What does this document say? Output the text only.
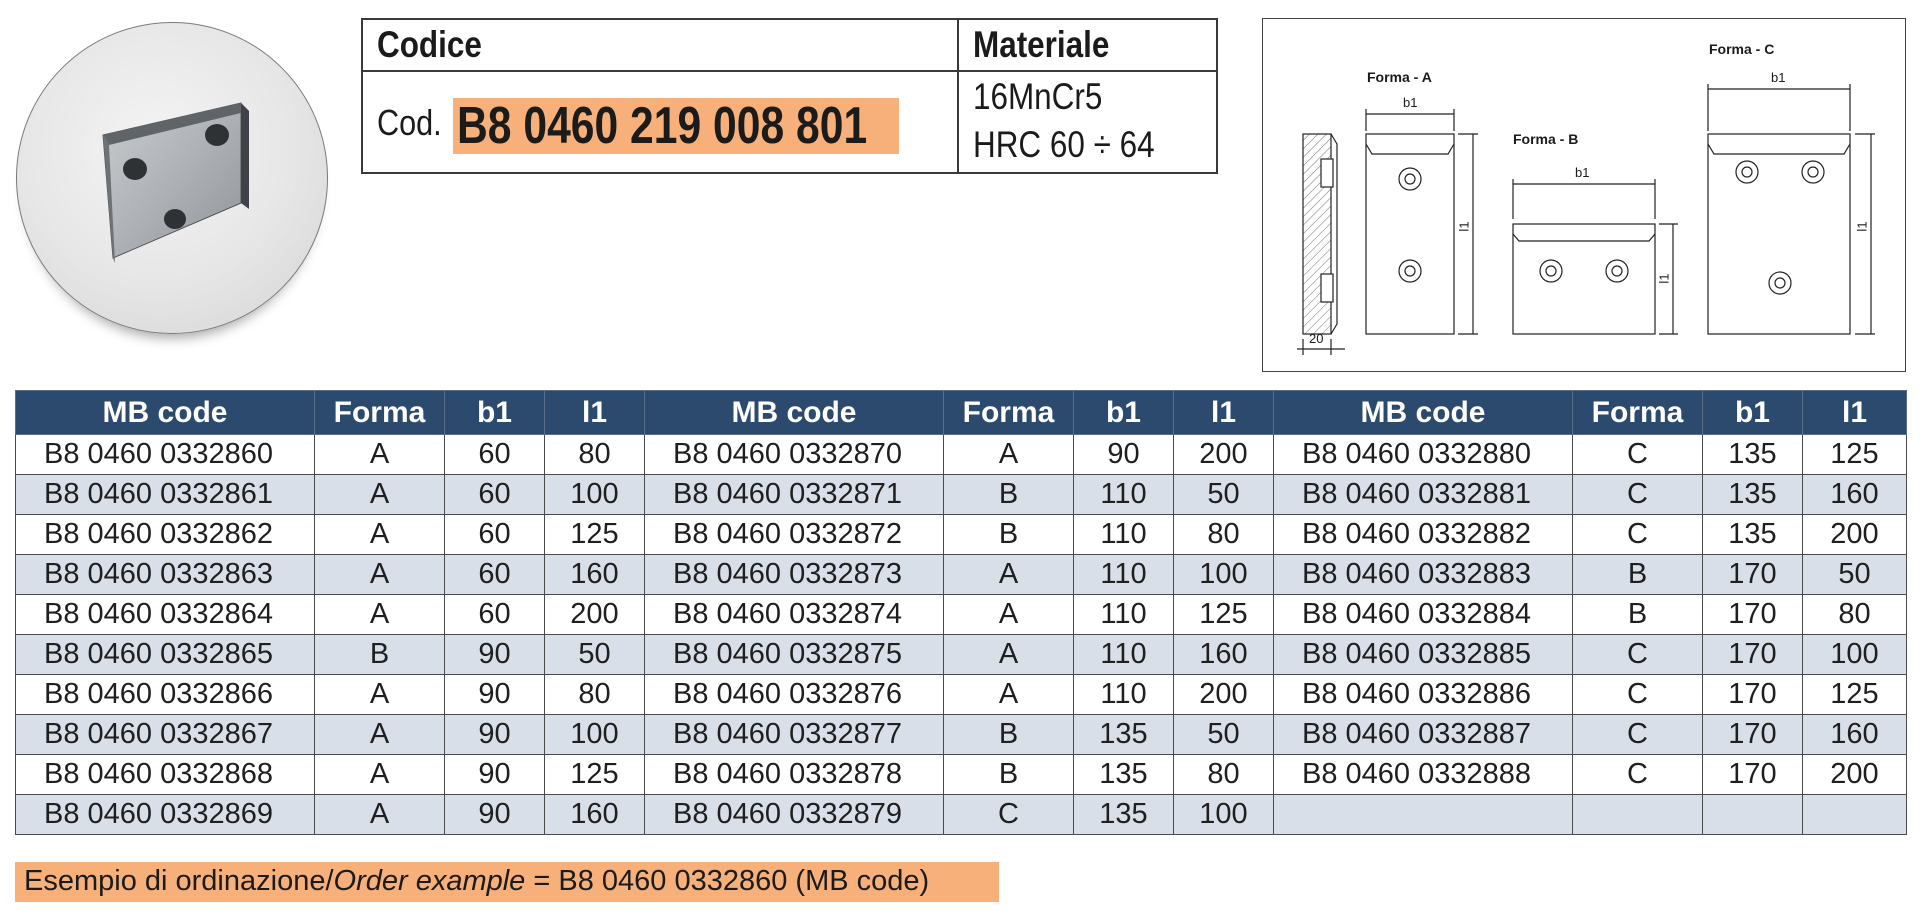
Codice	Materiale
Cod. B8 0460 219 008 801
16MnCr5
HRC 60 ÷ 64
Forma - A
Forma - B
Forma - C
b1
b1
b1
l1
l1
l1
20
MB code	Forma	b1	l1	MB code	Forma	b1	l1	MB code	Forma	b1	l1
B8 0460 0332860	A	60	80	B8 0460 0332870	A	90	200	B8 0460 0332880	C	135	125
B8 0460 0332861	A	60	100	B8 0460 0332871	B	110	50	B8 0460 0332881	C	135	160
B8 0460 0332862	A	60	125	B8 0460 0332872	B	110	80	B8 0460 0332882	C	135	200
B8 0460 0332863	A	60	160	B8 0460 0332873	A	110	100	B8 0460 0332883	B	170	50
B8 0460 0332864	A	60	200	B8 0460 0332874	A	110	125	B8 0460 0332884	B	170	80
B8 0460 0332865	B	90	50	B8 0460 0332875	A	110	160	B8 0460 0332885	C	170	100
B8 0460 0332866	A	90	80	B8 0460 0332876	A	110	200	B8 0460 0332886	C	170	125
B8 0460 0332867	A	90	100	B8 0460 0332877	B	135	50	B8 0460 0332887	C	170	160
B8 0460 0332868	A	90	125	B8 0460 0332878	B	135	80	B8 0460 0332888	C	170	200
B8 0460 0332869	A	90	160	B8 0460 0332879	C	135	100				
Esempio di ordinazione/Order example = B8 0460 0332860 (MB code)
